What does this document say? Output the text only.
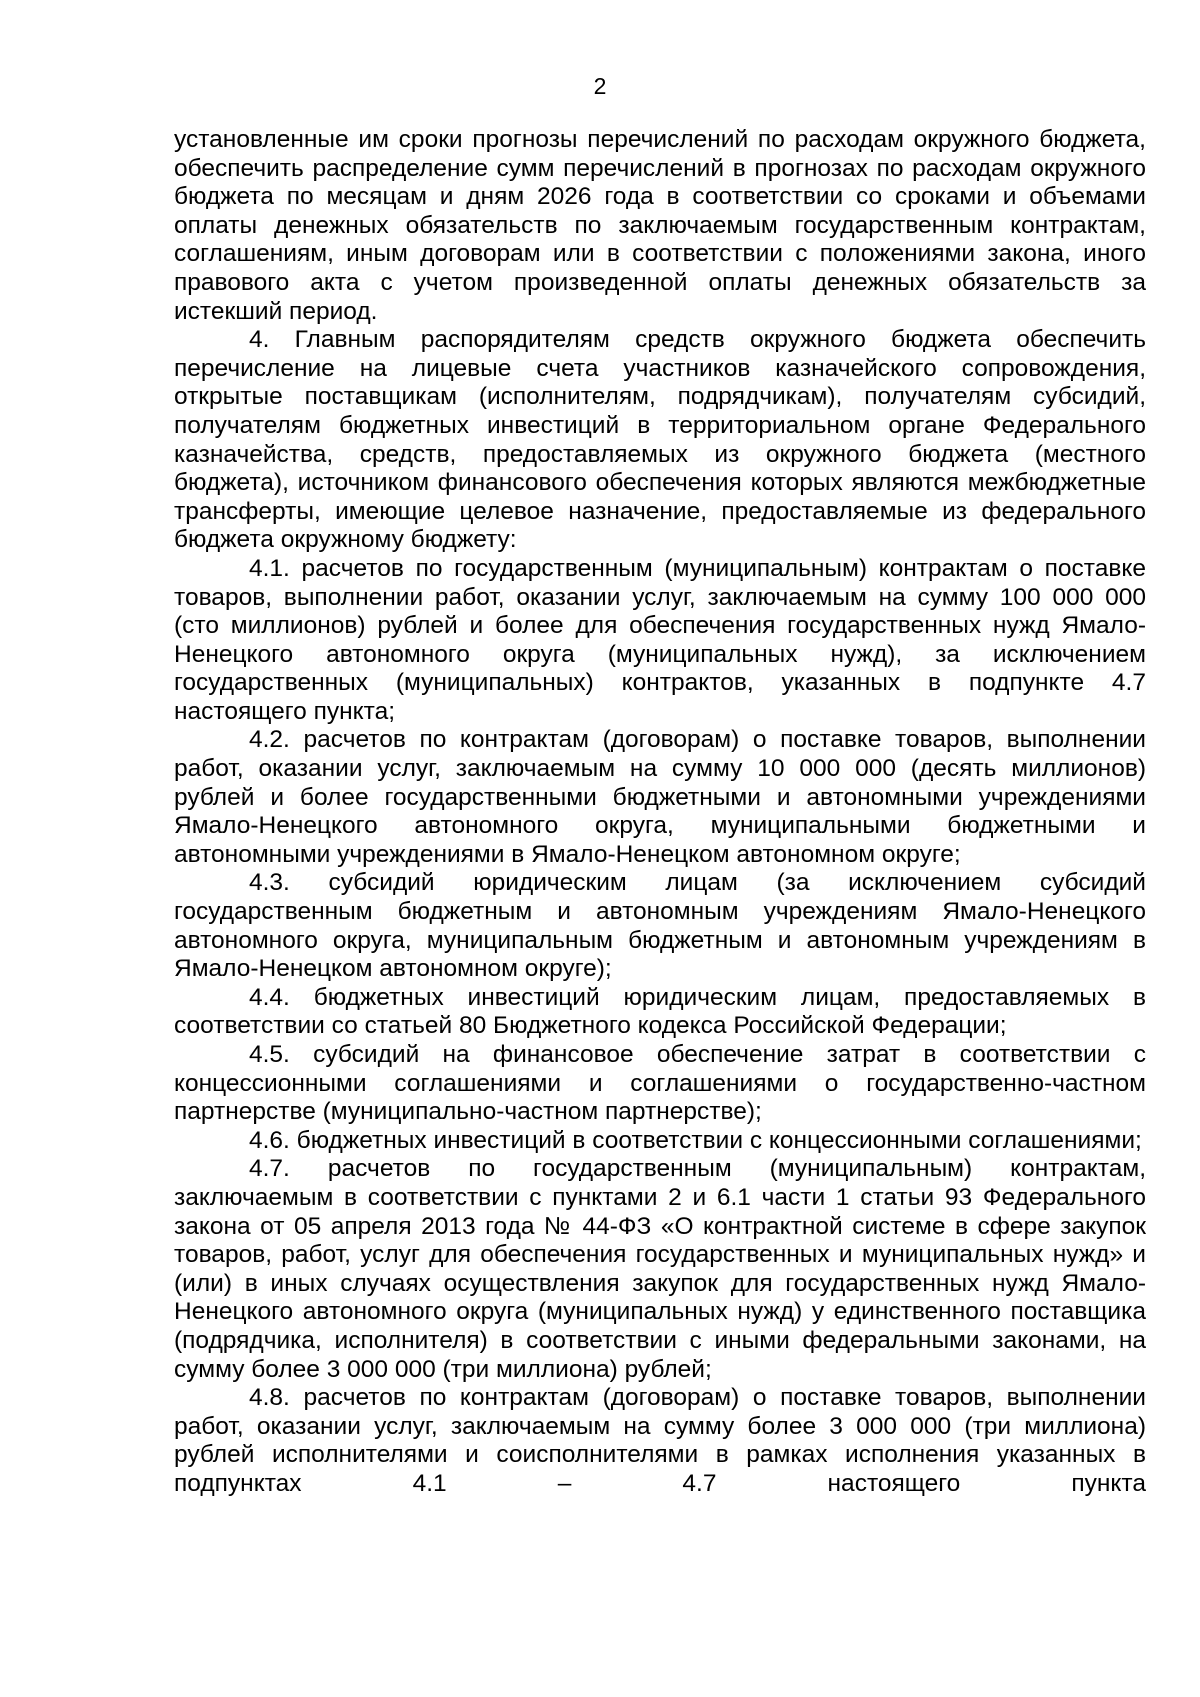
2

установленные им сроки прогнозы перечислений по расходам окружного бюджета, обеспечить распределение сумм перечислений в прогнозах по расходам окружного бюджета по месяцам и дням 2026 года в соответствии со сроками и объемами оплаты денежных обязательств по заключаемым государственным контрактам, соглашениям, иным договорам или в соответствии с положениями закона, иного правового акта с учетом произведенной оплаты денежных обязательств за истекший период.

4. Главным распорядителям средств окружного бюджета обеспечить перечисление на лицевые счета участников казначейского сопровождения, открытые поставщикам (исполнителям, подрядчикам), получателям субсидий, получателям бюджетных инвестиций в территориальном органе Федерального казначейства, средств, предоставляемых из окружного бюджета (местного бюджета), источником финансового обеспечения которых являются межбюджетные трансферты, имеющие целевое назначение, предоставляемые из федерального бюджета окружному бюджету:

4.1. расчетов по государственным (муниципальным) контрактам о поставке товаров, выполнении работ, оказании услуг, заключаемым на сумму 100 000 000 (сто миллионов) рублей и более для обеспечения государственных нужд Ямало-Ненецкого автономного округа (муниципальных нужд), за исключением государственных (муниципальных) контрактов, указанных в подпункте 4.7 настоящего пункта;

4.2. расчетов по контрактам (договорам) о поставке товаров, выполнении работ, оказании услуг, заключаемым на сумму 10 000 000 (десять миллионов) рублей и более государственными бюджетными и автономными учреждениями Ямало-Ненецкого автономного округа, муниципальными бюджетными и автономными учреждениями в Ямало-Ненецком автономном округе;

4.3. субсидий юридическим лицам (за исключением субсидий государственным бюджетным и автономным учреждениям Ямало-Ненецкого автономного округа, муниципальным бюджетным и автономным учреждениям в Ямало-Ненецком автономном округе);

4.4. бюджетных инвестиций юридическим лицам, предоставляемых в соответствии со статьей 80 Бюджетного кодекса Российской Федерации;

4.5. субсидий на финансовое обеспечение затрат в соответствии с концессионными соглашениями и соглашениями о государственно-частном партнерстве (муниципально-частном партнерстве);

4.6. бюджетных инвестиций в соответствии с концессионными соглашениями;

4.7. расчетов по государственным (муниципальным) контрактам, заключаемым в соответствии с пунктами 2 и 6.1 части 1 статьи 93 Федерального закона от 05 апреля 2013 года № 44-ФЗ «О контрактной системе в сфере закупок товаров, работ, услуг для обеспечения государственных и муниципальных нужд» и (или) в иных случаях осуществления закупок для государственных нужд Ямало-Ненецкого автономного округа (муниципальных нужд) у единственного поставщика (подрядчика, исполнителя) в соответствии с иными федеральными законами, на сумму более 3 000 000 (три миллиона) рублей;

4.8. расчетов по контрактам (договорам) о поставке товаров, выполнении работ, оказании услуг, заключаемым на сумму более 3 000 000 (три миллиона) рублей исполнителями и соисполнителями в рамках исполнения указанных в подпунктах 4.1 – 4.7 настоящего пункта
